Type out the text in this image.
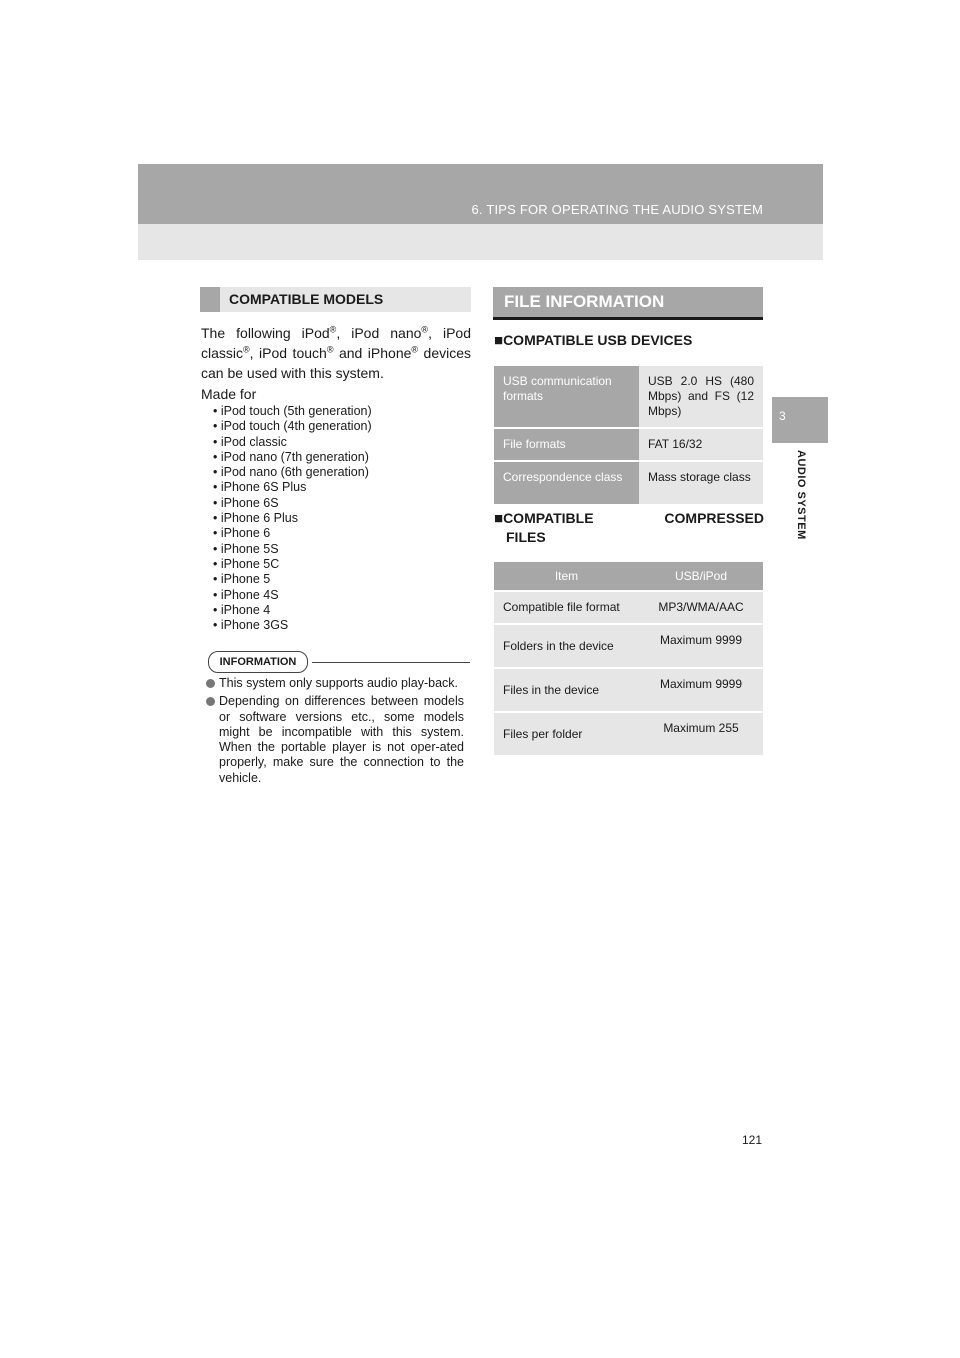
6. TIPS FOR OPERATING THE AUDIO SYSTEM
3
AUDIO SYSTEM
COMPATIBLE MODELS
The following iPod®, iPod nano®, iPod classic®, iPod touch® and iPhone® devices can be used with this system.
Made for
• iPod touch (5th generation)
• iPod touch (4th generation)
• iPod classic
• iPod nano (7th generation)
• iPod nano (6th generation)
• iPhone 6S Plus
• iPhone 6S
• iPhone 6 Plus
• iPhone 6
• iPhone 5S
• iPhone 5C
• iPhone 5
• iPhone 4S
• iPhone 4
• iPhone 3GS
INFORMATION
This system only supports audio play-back.
Depending on differences between models or software versions etc., some models might be incompatible with this system. When the portable player is not oper-ated properly, make sure the connection to the vehicle.
FILE INFORMATION
■COMPATIBLE USB DEVICES
USB communication formats	USB 2.0 HS (480 Mbps) and FS (12 Mbps)
File formats	FAT 16/32
Correspondence class	Mass storage class
■COMPATIBLE	COMPRESSED
FILES
Item	USB/iPod
Compatible file format	MP3/WMA/AAC
Folders in the device	Maximum 9999
Files in the device	Maximum 9999
Files per folder	Maximum 255
121
